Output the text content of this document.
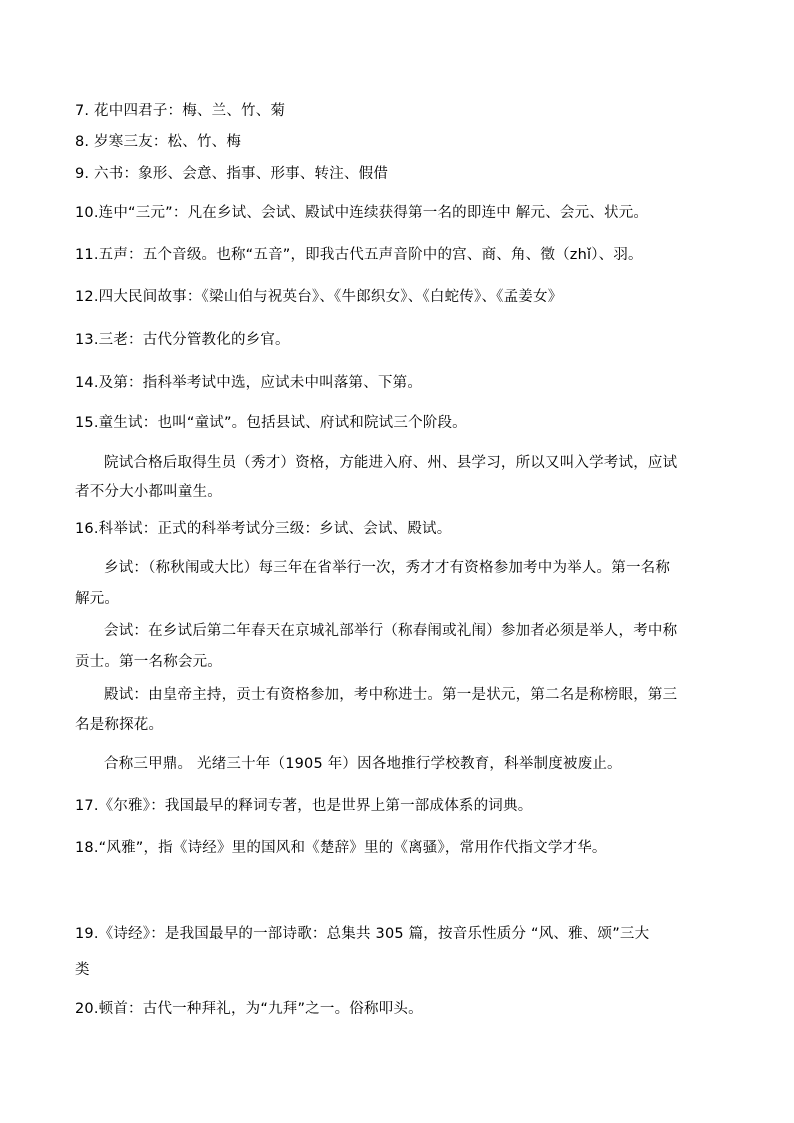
7. 花中四君子：梅、兰、竹、菊
8. 岁寒三友：松、竹、梅
9. 六书：象形、会意、指事、形事、转注、假借
10.连中“三元”：凡在乡试、会试、殿试中连续获得第一名的即连中 解元、会元、状元。
11.五声：五个音级。也称“五音”，即我古代五声音阶中的宫、商、角、徵（zhǐ）、羽。
12.四大民间故事：《梁山伯与祝英台》、《牛郎织女》、《白蛇传》、《孟姜女》
13.三老：古代分管教化的乡官。
14.及第：指科举考试中选，应试未中叫落第、下第。
15.童生试：也叫“童试”。包括县试、府试和院试三个阶段。
院试合格后取得生员（秀才）资格，方能进入府、州、县学习，所以又叫入学考试，应试
者不分大小都叫童生。
16.科举试：正式的科举考试分三级：乡试、会试、殿试。
乡试：（称秋闱或大比）每三年在省举行一次，秀才才有资格参加考中为举人。第一名称
解元。
会试：在乡试后第二年春天在京城礼部举行（称春闱或礼闱）参加者必须是举人，考中称
贡士。第一名称会元。
殿试：由皇帝主持，贡士有资格参加，考中称进士。第一是状元，第二名是称榜眼，第三
名是称探花。
合称三甲鼎。 光绪三十年（1905 年）因各地推行学校教育，科举制度被废止。
17.《尔雅》：我国最早的释词专著，也是世界上第一部成体系的词典。
18.“风雅”，指《诗经》里的国风和《楚辞》里的《离骚》，常用作代指文学才华。
19.《诗经》：是我国最早的一部诗歌：总集共 305 篇，按音乐性质分 “风、雅、颂”三大
类
20.顿首：古代一种拜礼，为“九拜”之一。俗称叩头。
